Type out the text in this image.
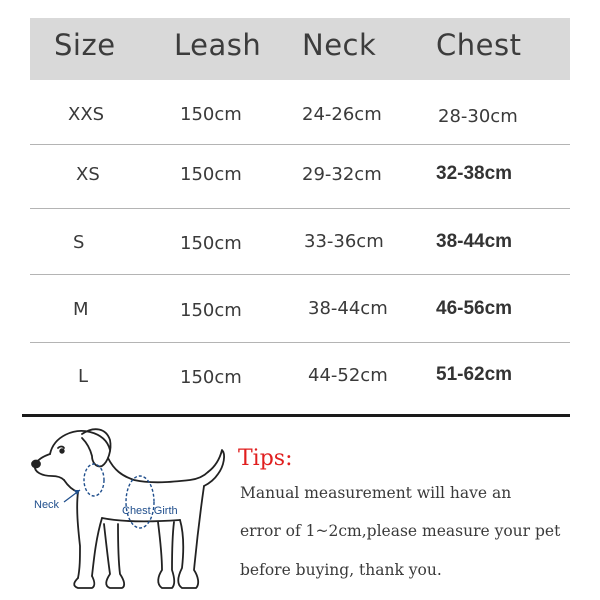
Size Leash Neck Chest
XXS	150cm	24-26cm	28-30cm
XS	150cm	29-32cm	32-38cm
S	150cm	33-36cm	38-44cm
M	150cm	38-44cm	46-56cm
L	150cm	44-52cm	51-62cm
Neck	Chest Girth
Tips:
Manual measurement will have an
error of 1~2cm,please measure your pet
before buying, thank you.
